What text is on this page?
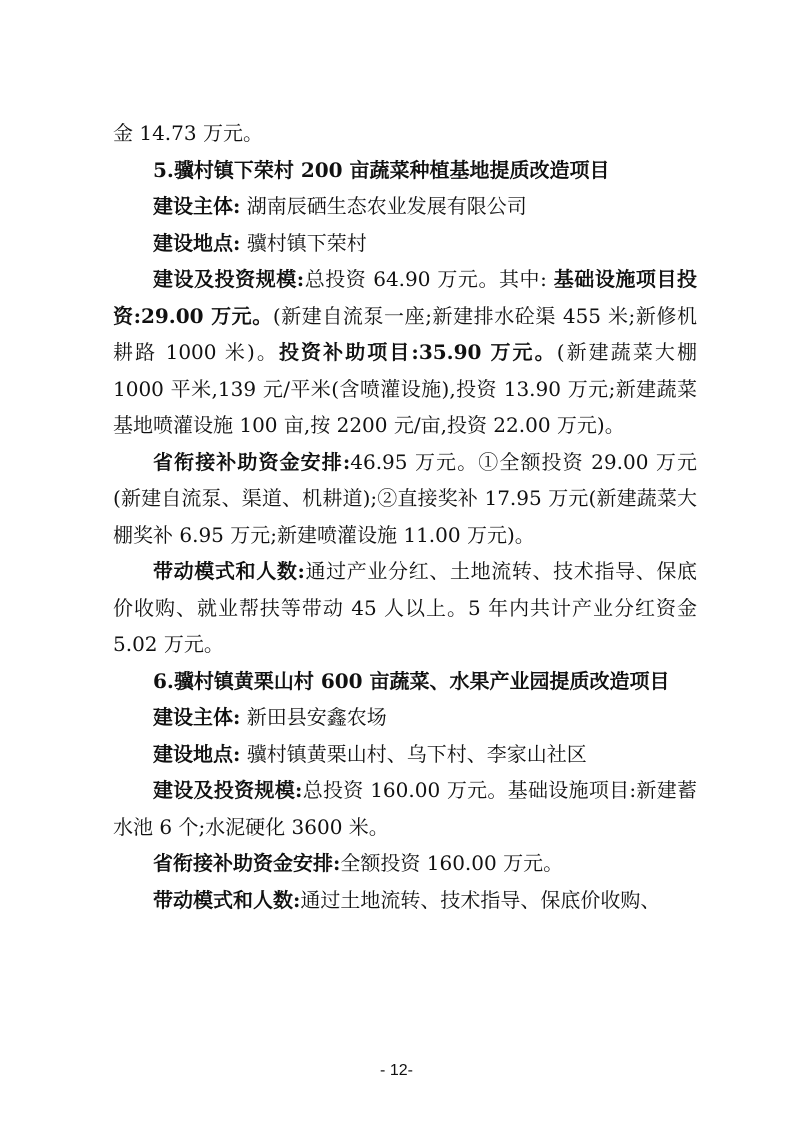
金 14.73 万元。

5.骥村镇下荣村 200 亩蔬菜种植基地提质改造项目

建设主体: 湖南辰硒生态农业发展有限公司

建设地点: 骥村镇下荣村

建设及投资规模:总投资 64.90 万元。其中: 基础设施项目投资:29.00 万元。(新建自流泵一座;新建排水砼渠 455 米;新修机耕路 1000 米)。投资补助项目:35.90 万元。(新建蔬菜大棚 1000 平米,139 元/平米(含喷灌设施),投资 13.90 万元;新建蔬菜基地喷灌设施 100 亩,按 2200 元/亩,投资 22.00 万元)。

省衔接补助资金安排:46.95 万元。①全额投资 29.00 万元(新建自流泵、渠道、机耕道);②直接奖补 17.95 万元(新建蔬菜大棚奖补 6.95 万元;新建喷灌设施 11.00 万元)。

带动模式和人数:通过产业分红、土地流转、技术指导、保底价收购、就业帮扶等带动 45 人以上。5 年内共计产业分红资金 5.02 万元。

6.骥村镇黄栗山村 600 亩蔬菜、水果产业园提质改造项目

建设主体: 新田县安鑫农场

建设地点: 骥村镇黄栗山村、乌下村、李家山社区

建设及投资规模:总投资 160.00 万元。基础设施项目:新建蓄水池 6 个;水泥硬化 3600 米。

省衔接补助资金安排:全额投资 160.00 万元。

带动模式和人数:通过土地流转、技术指导、保底价收购、

- 12-
